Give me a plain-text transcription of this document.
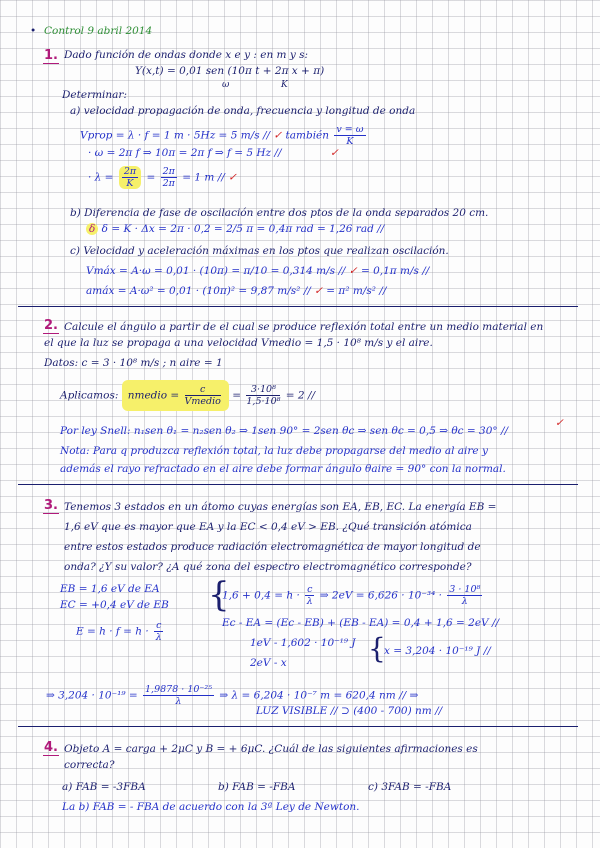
• Control 9 abril 2014
1. Dado función de ondas donde x e y : en m y s:
Y(x,t) = 0,01 sen (10π t + 2π x + π)
ω	K
Determinar:
a) velocidad propagación de onda, frecuencia y longitud de onda
Vprop = λ · f = 1 m · 5Hz = 5 m/s // ✓ también $\frac{v = \omega}{K}$
· ω = 2π f ⇒ 10π = 2π f ⇒ f = 5 Hz //	✓
· $\lambda = \frac{2\pi}{K} = \frac{2\pi}{2\pi} = 1$ m // ✓
b) Diferencia de fase de oscilación entre dos ptos de la onda separados 20 cm.
δ δ = K · Δx = 2π · 0,2 = 2/5 π = 0,4π rad = 1,26 rad //
c) Velocidad y aceleración máximas en los ptos que realizan oscilación.
Vmáx = A·ω = 0,01 · (10π) = π/10 = 0,314 m/s // ✓ = 0,1π m/s //
amáx = A·ω² = 0,01 · (10π)² = 9,87 m/s² // ✓ = π² m/s² //
2. Calcule el ángulo a partir de el cual se produce reflexión total entre un medio material en
el que la luz se propaga a una velocidad Vmedio = 1,5 · 10⁸ m/s y el aire.
Datos: c = 3 · 10⁸ m/s ; n aire = 1
Aplicamos: nmedio = $\frac{c}{\text{Vmedio}} = \frac{\text{3·10⁸}}{\text{1,5·10⁸}} = 2$ //
Por ley Snell: n₁sen θ₁ = n₂sen θ₂ ⇒ 1sen 90° = 2sen θc ⇒ sen θc = 0,5 ⇒ θc = 30° //
✓
Nota: Para q produzca reflexión total, la luz debe propagarse del medio al aire y
además el rayo refractado en el aire debe formar ángulo θaire = 90° con la normal.
3. Tenemos 3 estados en un átomo cuyas energías son EA, EB, EC. La energía EB =
1,6 eV que es mayor que EA y la EC < 0,4 eV > EB. ¿Qué transición atómica
entre estos estados produce radiación electromagnética de mayor longitud de
onda? ¿Y su valor? ¿A qué zona del espectro electromagnético corresponde?
EB = 1,6 eV de EA
EC = +0,4 eV de EB
$E = h \cdot f = h \cdot \frac{c}{\lambda}$
{
$1,6 + 0,4 = h \cdot \frac{c}{\lambda}$ ⇒ $2eV = 6,626 \cdot 10^{-34} \cdot \frac{\text{3 · 10⁸}}{\lambda}$
Ec - EA = (Ec - EB) + (EB - EA) = 0,4 + 1,6 = 2eV //
1eV - 1,602 · 10⁻¹⁹ J
2eV - x	{
x = 3,204 · 10⁻¹⁹ J //
⇒ $3,204 \cdot 10^{-19} = \frac{\text{1,9878 · 10⁻²⁵}}{\lambda}$ ⇒ λ = 6,204 · 10⁻⁷ m = 620,4 nm // ⇒
LUZ VISIBLE // ⊃ (400 - 700) nm //
4. Objeto A = carga + 2μC y B = + 6μC. ¿Cuál de las siguientes afirmaciones es
correcta?
a) FAB = -3FBA	b) FAB = -FBA	c) 3FAB = -FBA
La b) FAB = - FBA de acuerdo con la 3ª Ley de Newton.
